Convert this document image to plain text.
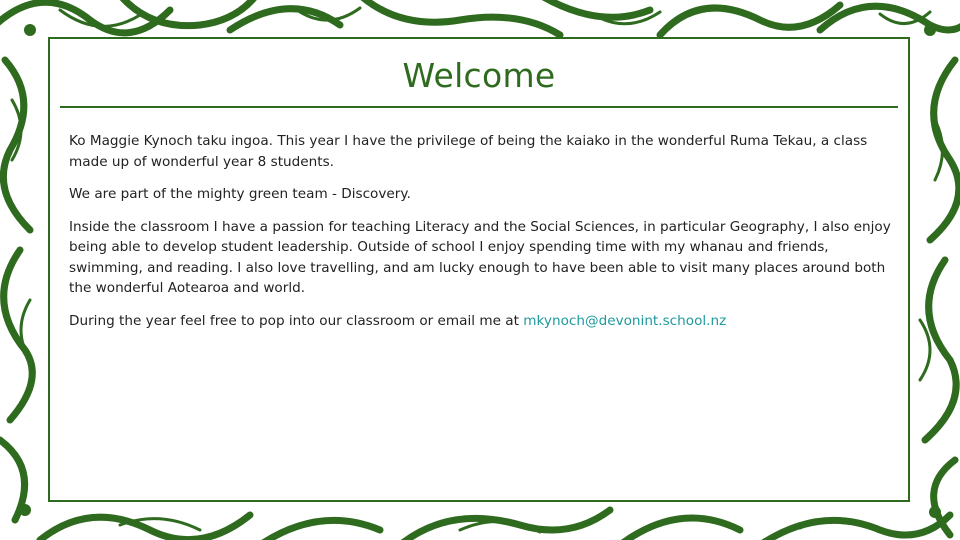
Welcome

Ko Maggie Kynoch taku ingoa. This year I have the privilege of being the kaiako in the wonderful Ruma Tekau, a class made up of wonderful year 8 students.

We are part of the mighty green team - Discovery.

Inside the classroom I have a passion for teaching Literacy and the Social Sciences, in particular Geography, I also enjoy being able to develop student leadership. Outside of school I enjoy spending time with my whanau and friends, swimming, and reading. I also love travelling, and am lucky enough to have been able to visit many places around both the wonderful Aotearoa and world.

During the year feel free to pop into our classroom or email me at mkynoch@devonint.school.nz
